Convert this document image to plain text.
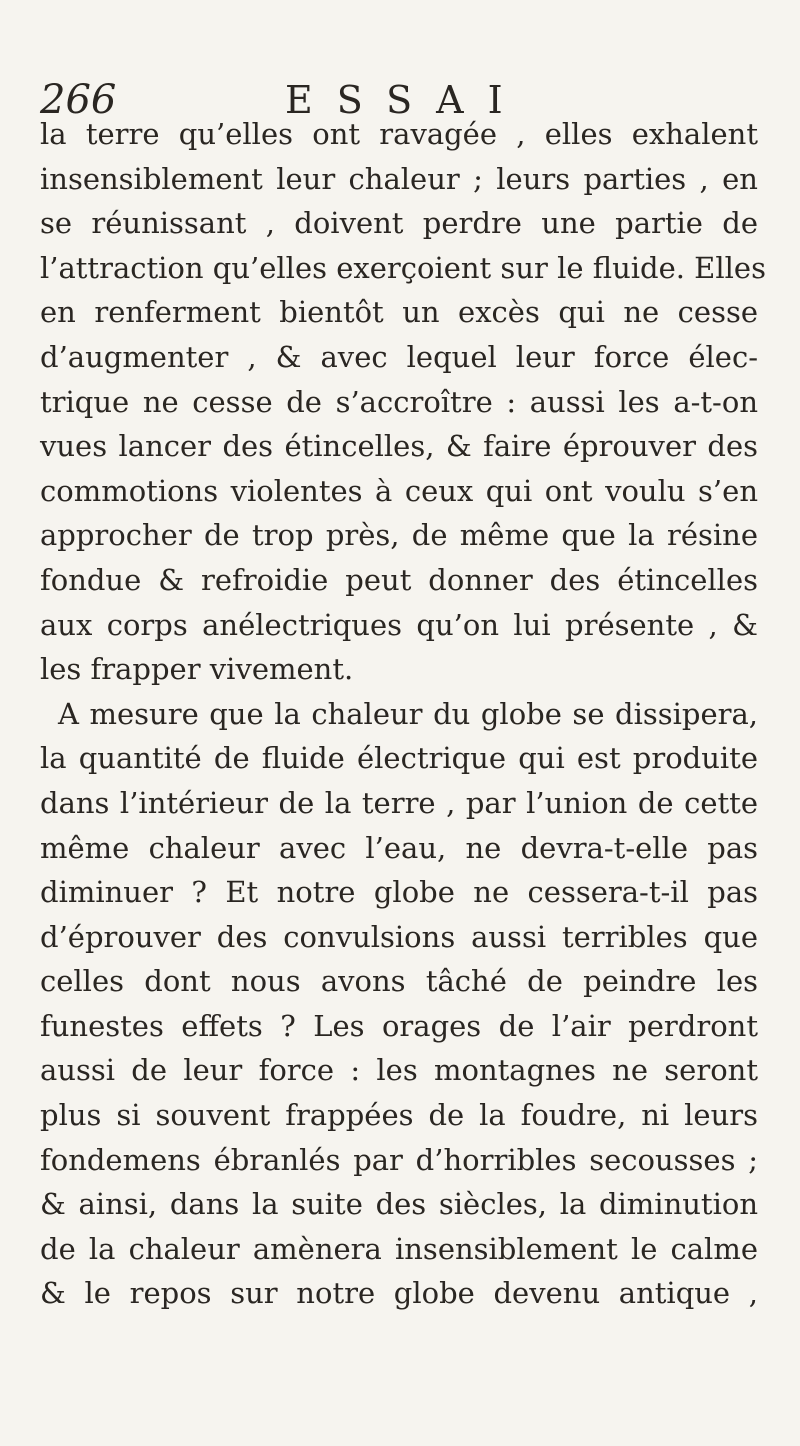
266	ESSAI
la terre qu’elles ont ravagée , elles exhalent
insensiblement leur chaleur ; leurs parties , en
se réunissant , doivent perdre une partie de
l’attraction qu’elles exerçoient sur le fluide. Elles
en renferment bientôt un excès qui ne cesse
d’augmenter , & avec lequel leur force élec-
trique ne cesse de s’accroître : aussi les a-t-on
vues lancer des étincelles, & faire éprouver des
commotions violentes à ceux qui ont voulu s’en
approcher de trop près, de même que la résine
fondue & refroidie peut donner des étincelles
aux corps anélectriques qu’on lui présente , &
les frapper vivement.
A mesure que la chaleur du globe se dissipera,
la quantité de fluide électrique qui est produite
dans l’intérieur de la terre , par l’union de cette
même chaleur avec l’eau, ne devra-t-elle pas
diminuer ? Et notre globe ne cessera-t-il pas
d’éprouver des convulsions aussi terribles que
celles dont nous avons tâché de peindre les
funestes effets ? Les orages de l’air perdront
aussi de leur force : les montagnes ne seront
plus si souvent frappées de la foudre, ni leurs
fondemens ébranlés par d’horribles secousses ;
& ainsi, dans la suite des siècles, la diminution
de la chaleur amènera insensiblement le calme
& le repos sur notre globe devenu antique ,
